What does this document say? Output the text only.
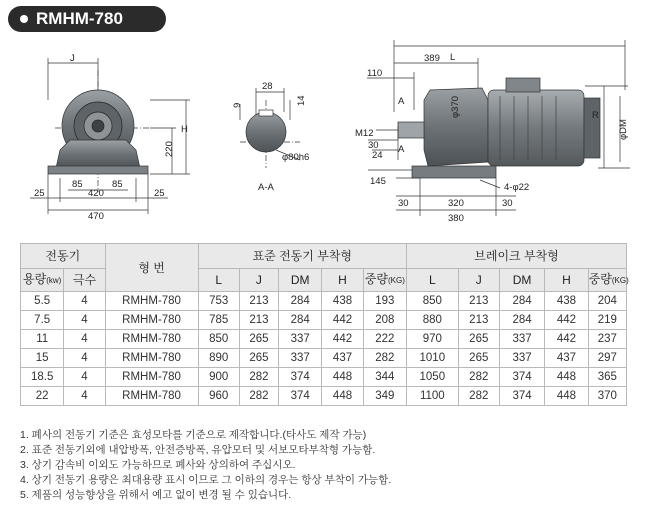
RMHM-780
J
H
220
85	85
420
25	25
470
28
9	14
φ80h6
A-A
L
389
110
A
A
φ370	R
φDM
M12
30
24
145
4-φ22
30	320	30
380
전동기		형 번	표준 전동기 부착형					브레이크 부착형				
용량(kw)	극수		L	J	DM	H	중량(KG)	L	J	DM	H	중량(KG)
5.5	4	RMHM-780	753	213	284	438	193	850	213	284	438	204
7.5	4	RMHM-780	785	213	284	442	208	880	213	284	442	219
11	4	RMHM-780	850	265	337	442	222	970	265	337	442	237
15	4	RMHM-780	890	265	337	437	282	1010	265	337	437	297
18.5	4	RMHM-780	900	282	374	448	344	1050	282	374	448	365
22	4	RMHM-780	960	282	374	448	349	1100	282	374	448	370
1. 폐사의 전동기 기준은 효성모타를 기준으로 제작합니다.(타사도 제작 가능)
2. 표준 전동기외에 내압방폭, 안전증방폭, 유압모터 및 서보모타부착형 가능함.
3. 상기 감속비 이외도 가능하므로 폐사와 상의하여 주십시오.
4. 상기 전동기 용량은 최대용량 표시 이므로 그 이하의 경우는 항상 부착이 가능함.
5. 제품의 성능향상을 위해서 예고 없이 변경 될 수 있습니다.
